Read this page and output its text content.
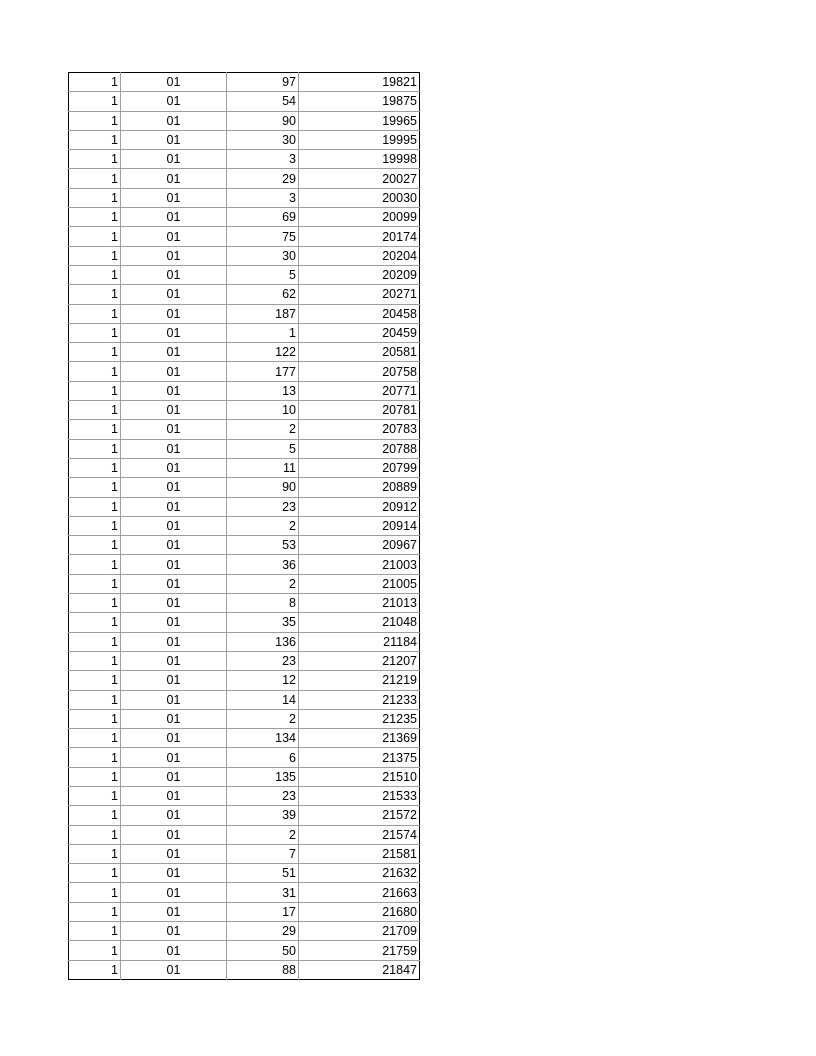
1	01	97	19821
1	01	54	19875
1	01	90	19965
1	01	30	19995
1	01	3	19998
1	01	29	20027
1	01	3	20030
1	01	69	20099
1	01	75	20174
1	01	30	20204
1	01	5	20209
1	01	62	20271
1	01	187	20458
1	01	1	20459
1	01	122	20581
1	01	177	20758
1	01	13	20771
1	01	10	20781
1	01	2	20783
1	01	5	20788
1	01	11	20799
1	01	90	20889
1	01	23	20912
1	01	2	20914
1	01	53	20967
1	01	36	21003
1	01	2	21005
1	01	8	21013
1	01	35	21048
1	01	136	21184
1	01	23	21207
1	01	12	21219
1	01	14	21233
1	01	2	21235
1	01	134	21369
1	01	6	21375
1	01	135	21510
1	01	23	21533
1	01	39	21572
1	01	2	21574
1	01	7	21581
1	01	51	21632
1	01	31	21663
1	01	17	21680
1	01	29	21709
1	01	50	21759
1	01	88	21847
